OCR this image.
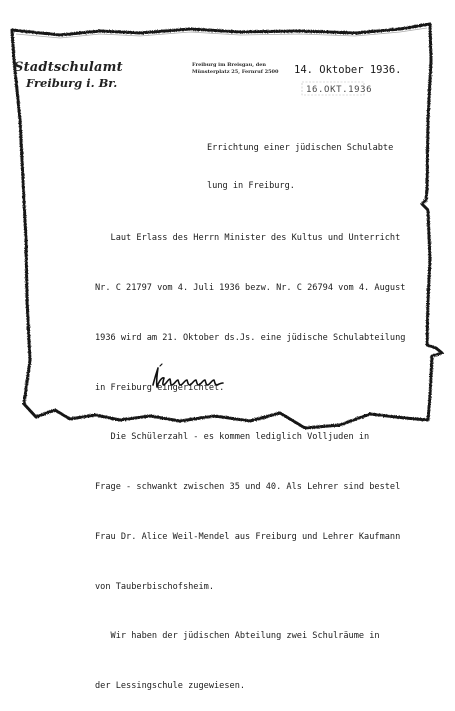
Stadtschulamt
Freiburg i. Br.
Freiburg im Breisgau, den
Münsterplatz 25, Fernruf 2500 14. Oktober 1936.
16.OKT.1936

Errichtung einer jüdischen Schulabte

lung in Freiburg.

Laut Erlass des Herrn Minister des Kultus und Unterricht

Nr. C 21797 vom 4. Juli 1936 bezw. Nr. C 26794 vom 4. August

1936 wird am 21. Oktober ds.Js. eine jüdische Schulabteilung

in Freiburg eingerichtet.

Die Schülerzahl - es kommen lediglich Volljuden in

Frage - schwankt zwischen 35 und 40. Als Lehrer sind bestel

Frau Dr. Alice Weil-Mendel aus Freiburg und Lehrer Kaufmann

von Tauberbischofsheim.

Wir haben der jüdischen Abteilung zwei Schulräume in

der Lessingschule zugewiesen.
